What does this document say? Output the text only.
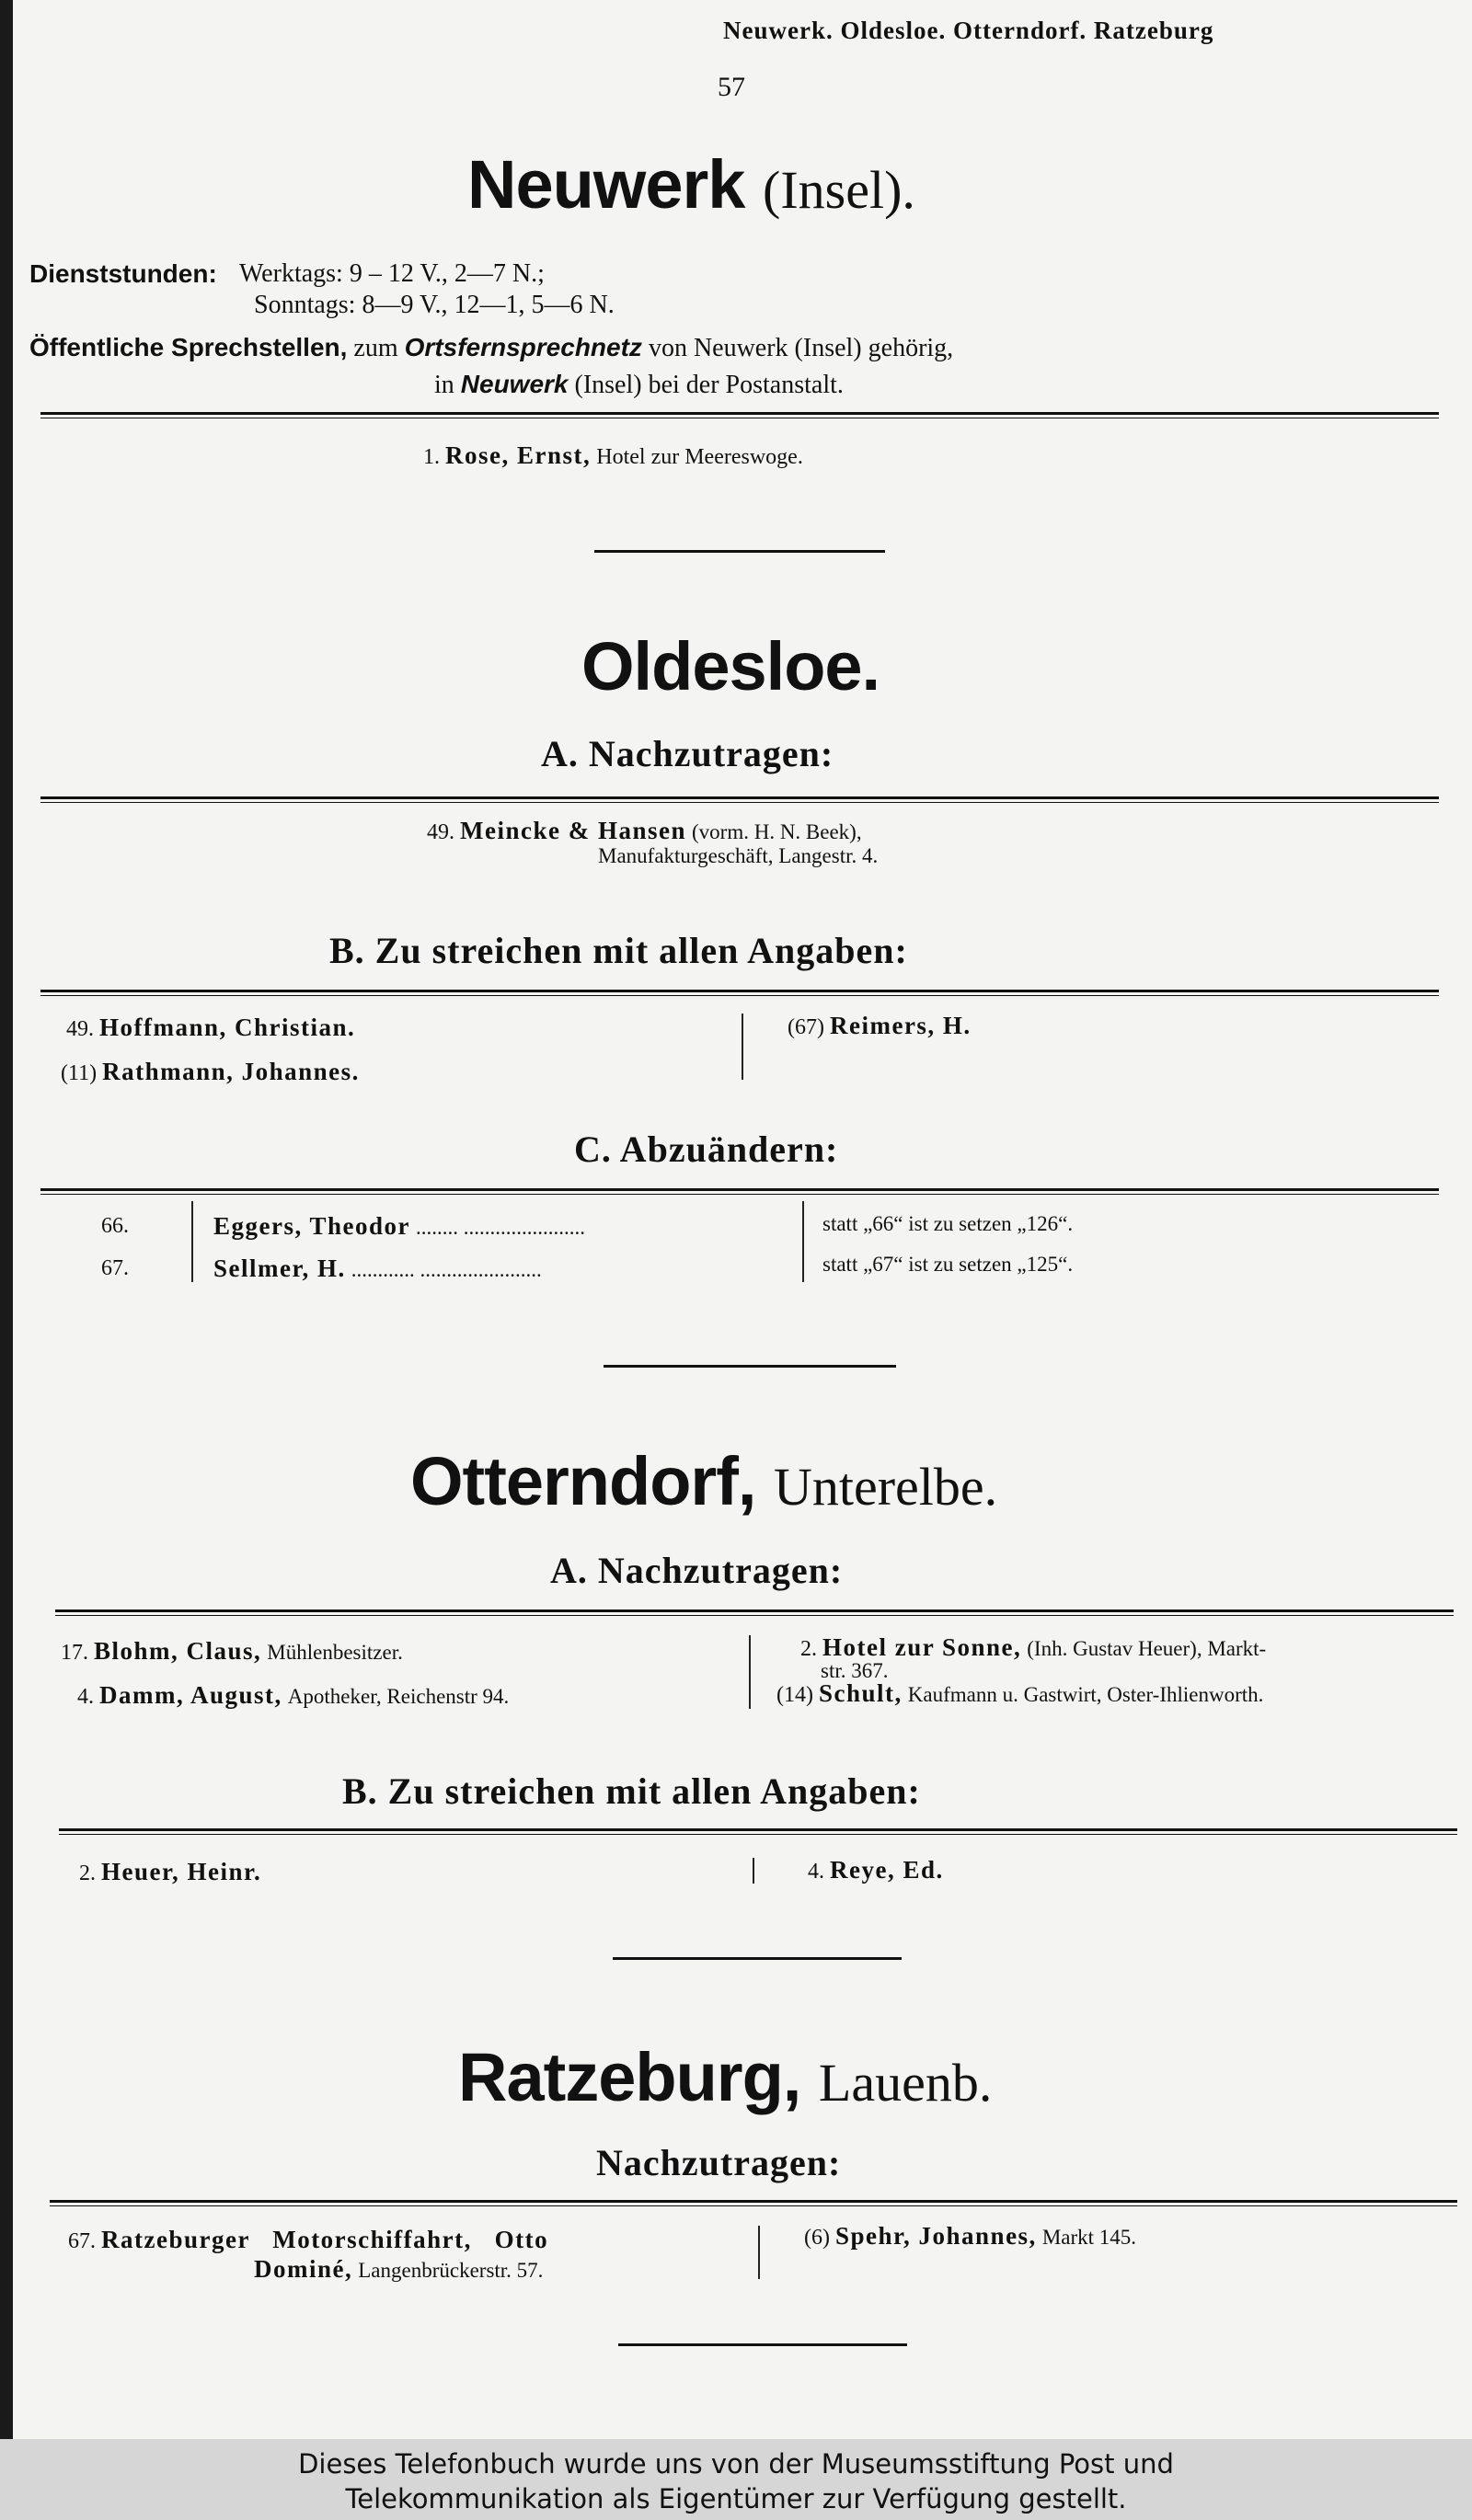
Neuwerk. Oldesloe. Otterndorf. Ratzeburg
57
Neuwerk (Insel).
Dienststunden: Werktags: 9 – 12 V., 2—7 N.;
Sonntags: 8—9 V., 12—1, 5—6 N.
Öffentliche Sprechstellen, zum Ortsfernsprechnetz von Neuwerk (Insel) gehörig,
in Neuwerk (Insel) bei der Postanstalt.
1. Rose, Ernst, Hotel zur Meereswoge.
Oldesloe.
A. Nachzutragen:
49. Meincke & Hansen (vorm. H. N. Beek),
Manufakturgeschäft, Langestr. 4.
B. Zu streichen mit allen Angaben:
49. Hoffmann, Christian.
(11) Rathmann, Johannes.
(67) Reimers, H.
C. Abzuändern:
66.	Eggers, Theodor ........ .......................	statt „66“ ist zu setzen „126“.
67.	Sellmer, H. ............ .......................	statt „67“ ist zu setzen „125“.
Otterndorf, Unterelbe.
A. Nachzutragen:
17. Blohm, Claus, Mühlenbesitzer.
4. Damm, August, Apotheker, Reichenstr 94.
2. Hotel zur Sonne, (Inh. Gustav Heuer), Markt-
str. 367.
(14) Schult, Kaufmann u. Gastwirt, Oster-Ihlienworth.
B. Zu streichen mit allen Angaben:
2. Heuer, Heinr.	4. Reye, Ed.
Ratzeburg, Lauenb.
Nachzutragen:
67. Ratzeburger   Motorschiffahrt,   Otto
Dominé, Langenbrückerstr. 57.
(6) Spehr, Johannes, Markt 145.
Dieses Telefonbuch wurde uns von der Museumsstiftung Post und
Telekommunikation als Eigentümer zur Verfügung gestellt.
